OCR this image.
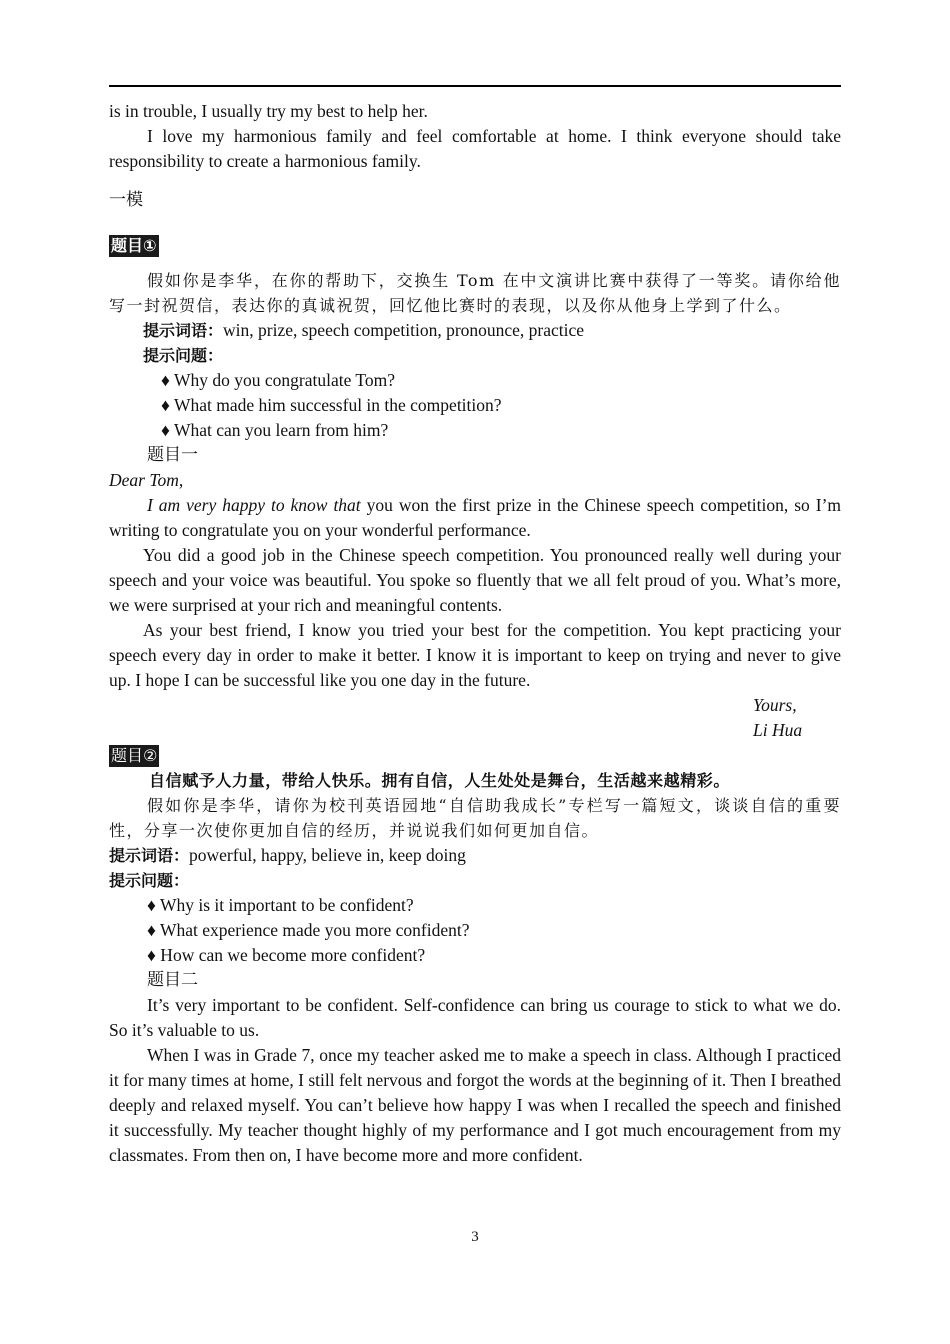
is in trouble, I usually try my best to help her.

I love my harmonious family and feel comfortable at home. I think everyone should take responsibility to create a harmonious family.

一模
题目①

假如你是李华，在你的帮助下，交换生 Tom 在中文演讲比赛中获得了一等奖。请你给他写一封祝贺信，表达你的真诚祝贺，回忆他比赛时的表现，以及你从他身上学到了什么。

提示词语：win, prize, speech competition, pronounce, practice

提示问题：

♦ Why do you congratulate Tom?

♦ What made him successful in the competition?

♦ What can you learn from him?

题目一

Dear Tom,

I am very happy to know that you won the first prize in the Chinese speech competition, so I’m writing to congratulate you on your wonderful performance.

You did a good job in the Chinese speech competition. You pronounced really well during your speech and your voice was beautiful. You spoke so fluently that we all felt proud of you. What’s more, we were surprised at your rich and meaningful contents.

As your best friend, I know you tried your best for the competition. You kept practicing your speech every day in order to make it better. I know it is important to keep on trying and never to give up. I hope I can be successful like you one day in the future.

Yours,

Li Hua

题目②

自信赋予人力量，带给人快乐。拥有自信，人生处处是舞台，生活越来越精彩。

假如你是李华，请你为校刊英语园地“自信助我成长”专栏写一篇短文，谈谈自信的重要性，分享一次使你更加自信的经历，并说说我们如何更加自信。

提示词语：powerful, happy, believe in, keep doing

提示问题：

♦ Why is it important to be confident?

♦ What experience made you more confident?

♦ How can we become more confident?

题目二

It’s very important to be confident. Self-confidence can bring us courage to stick to what we do. So it’s valuable to us.

When I was in Grade 7, once my teacher asked me to make a speech in class. Although I practiced it for many times at home, I still felt nervous and forgot the words at the beginning of it. Then I breathed deeply and relaxed myself. You can’t believe how happy I was when I recalled the speech and finished it successfully. My teacher thought highly of my performance and I got much encouragement from my classmates. From then on, I have become more and more confident.

3
